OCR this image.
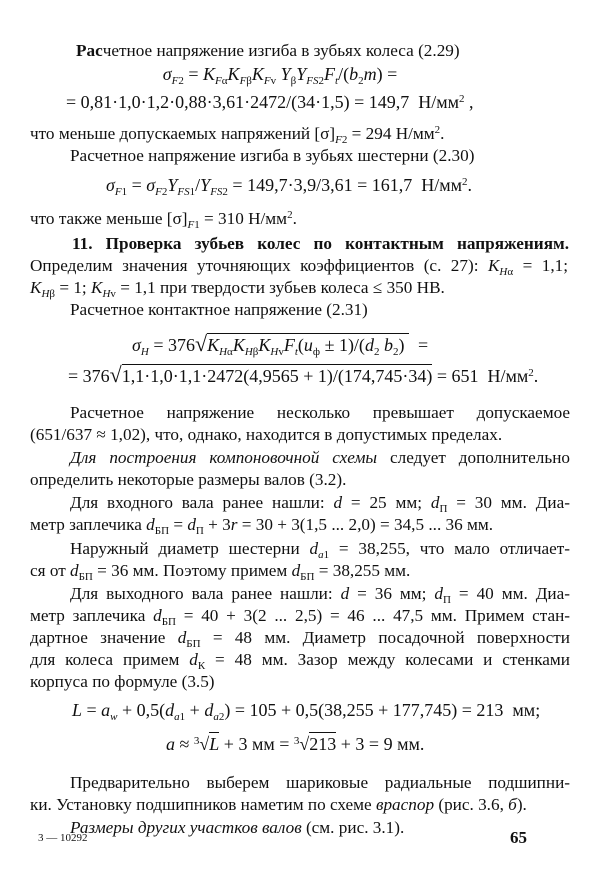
Расчетное напряжение изгиба в зубьях колеса (2.29)
$\sigma_{F2} = K_{F\alpha}K_{F\beta}K_{Fv}$ $Y_\beta Y_{FS2}F_t/(b_2m)$ =
= 0,81·1,0·1,2·0,88·3,61·2472/(34·1,5) = 149,7  $Н/мм^2$ ,
что меньше допускаемых напряжений $[\sigma]_{F2} = 294$ $Н/мм^2$.
Расчетное напряжение изгиба в зубьях шестерни (2.30)
$\sigma_{F1} = \sigma_{F2}Y_{FS1}/Y_{FS2} = 149,7\cdot 3,9/3,61 = 161,7$  $Н/мм^2$.
что также меньше $[\sigma]_{F1} = 310$ $Н/мм^2$.
11. Проверка зубьев колес по контактным напряжениям.
Определим значения уточняющих коэффициентов (с. 27): $K_{H\alpha} = 1,1$;
$K_{H\beta} = 1$; $K_{Hv} = 1,1$ при твердости зубьев колеса ≤ 350 НВ.
Расчетное контактное напряжение (2.31)
$\sigma_H = 376√K_{H\alpha}K_{H\beta}K_{Hv}F_t(u_ф \pm 1)/(d_2$ $b_2$)   =
= 376√1,1·1,0·1,1·2472(4,9565 + 1)/(174,745·34) = 651  $Н/мм^2$.
Расчетное напряжение несколько превышает допускаемое
(651/637 ≈ 1,02), что, однако, находится в допустимых пределах.
Для построения компоновочной схемы следует дополнительно
определить некоторые размеры валов (3.2).
Для входного вала ранее нашли: d = 25 мм; $d_П = 30$ мм. Диа-
метр заплечика $d_{БП} = d_П + 3r = 30 + 3(1,5$ ... 2,0) = 34,5 ... 36 мм.
Наружный диаметр шестерни $d_{a1} = 38,255$, что мало отличает-
ся от $d_{БП} = 36$ мм. Поэтому примем $d_{БП} = 38,255$ мм.
Для выходного вала ранее нашли: d = 36 мм; $d_П = 40$ мм. Диа-
метр заплечика $d_{БП} = 40 + 3(2$ ... 2,5) = 46 ... 47,5 мм. Примем стан-
дартное значение $d_{БП} = 48$ мм. Диаметр посадочной поверхности
для колеса примем $d_К = 48$ мм. Зазор между колесами и стенками
корпуса по формуле (3.5)
$L = a_w + 0,5(d_{a1} + d_{a2}) = 105 + 0,5(38,255 + 177,745) = 213$  мм;
a ≈ $^3$√L + 3 мм = $^3$√213 + 3 = 9 мм.
Предварительно выберем шариковые радиальные подшипни-
ки. Установку подшипников наметим по схеме враспор (рис. 3.6, б).
Размеры других участков валов (см. рис. 3.1).
3 — 10292	65
